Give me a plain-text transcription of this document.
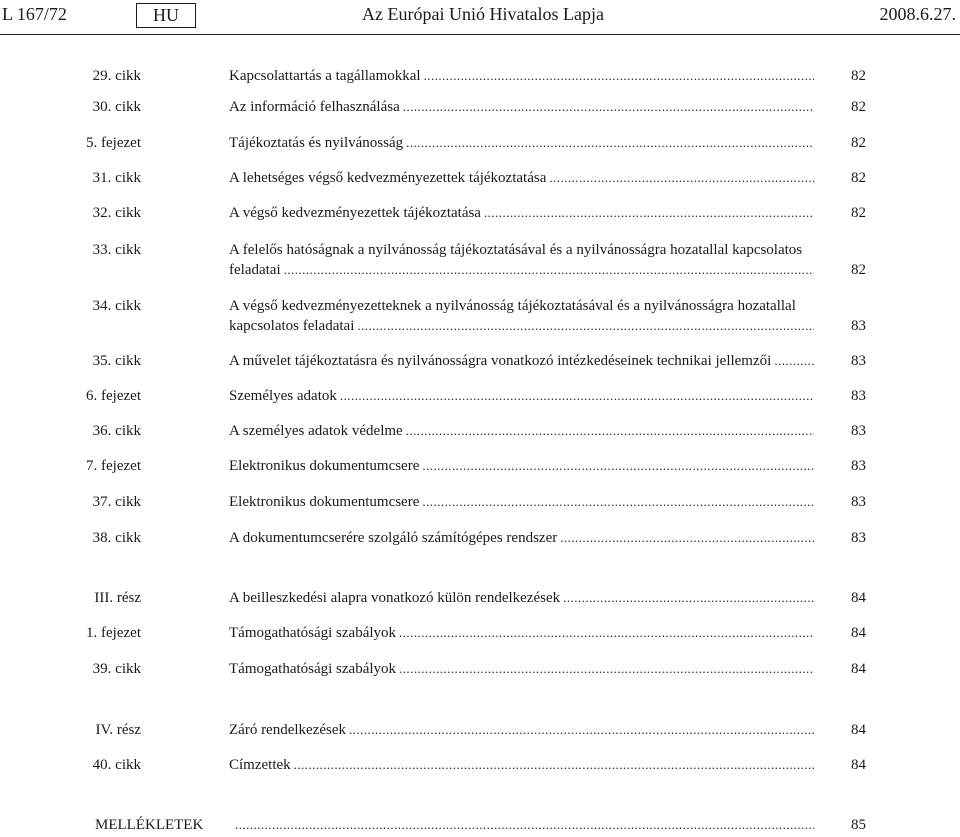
L 167/72	HU	Az Európai Unió Hivatalos Lapja	2008.6.27.
29. cikk	Kapcsolattartás a tagállamokkal . . .	82
30. cikk	Az információ felhasználása . . .	82
5. fejezet	Tájékoztatás és nyilvánosság . . .	82
31. cikk	A lehetséges végső kedvezményezettek tájékoztatása . . .	82
32. cikk	A végső kedvezményezettek tájékoztatása . . .	82
33. cikk	A felelős hatóságnak a nyilvánosság tájékoztatásával és a nyilvánosságra hozatallal kapcsolatos
feladatai . . .	82
34. cikk	A végső kedvezményezetteknek a nyilvánosság tájékoztatásával és a nyilvánosságra hozatallal
kapcsolatos feladatai . . .	83
35. cikk	A művelet tájékoztatásra és nyilvánosságra vonatkozó intézkedéseinek technikai jellemzői . . .	83
6. fejezet	Személyes adatok . . .	83
36. cikk	A személyes adatok védelme . . .	83
7. fejezet	Elektronikus dokumentumcsere . . .	83
37. cikk	Elektronikus dokumentumcsere . . .	83
38. cikk	A dokumentumcserére szolgáló számítógépes rendszer . . .	83
III. rész	A beilleszkedési alapra vonatkozó külön rendelkezések . . .	84
1. fejezet	Támogathatósági szabályok . . .	84
39. cikk	Támogathatósági szabályok . . .	84
IV. rész	Záró rendelkezések . . .	84
40. cikk	Címzettek . . .	84
MELLÉKLETEK . . .	85
